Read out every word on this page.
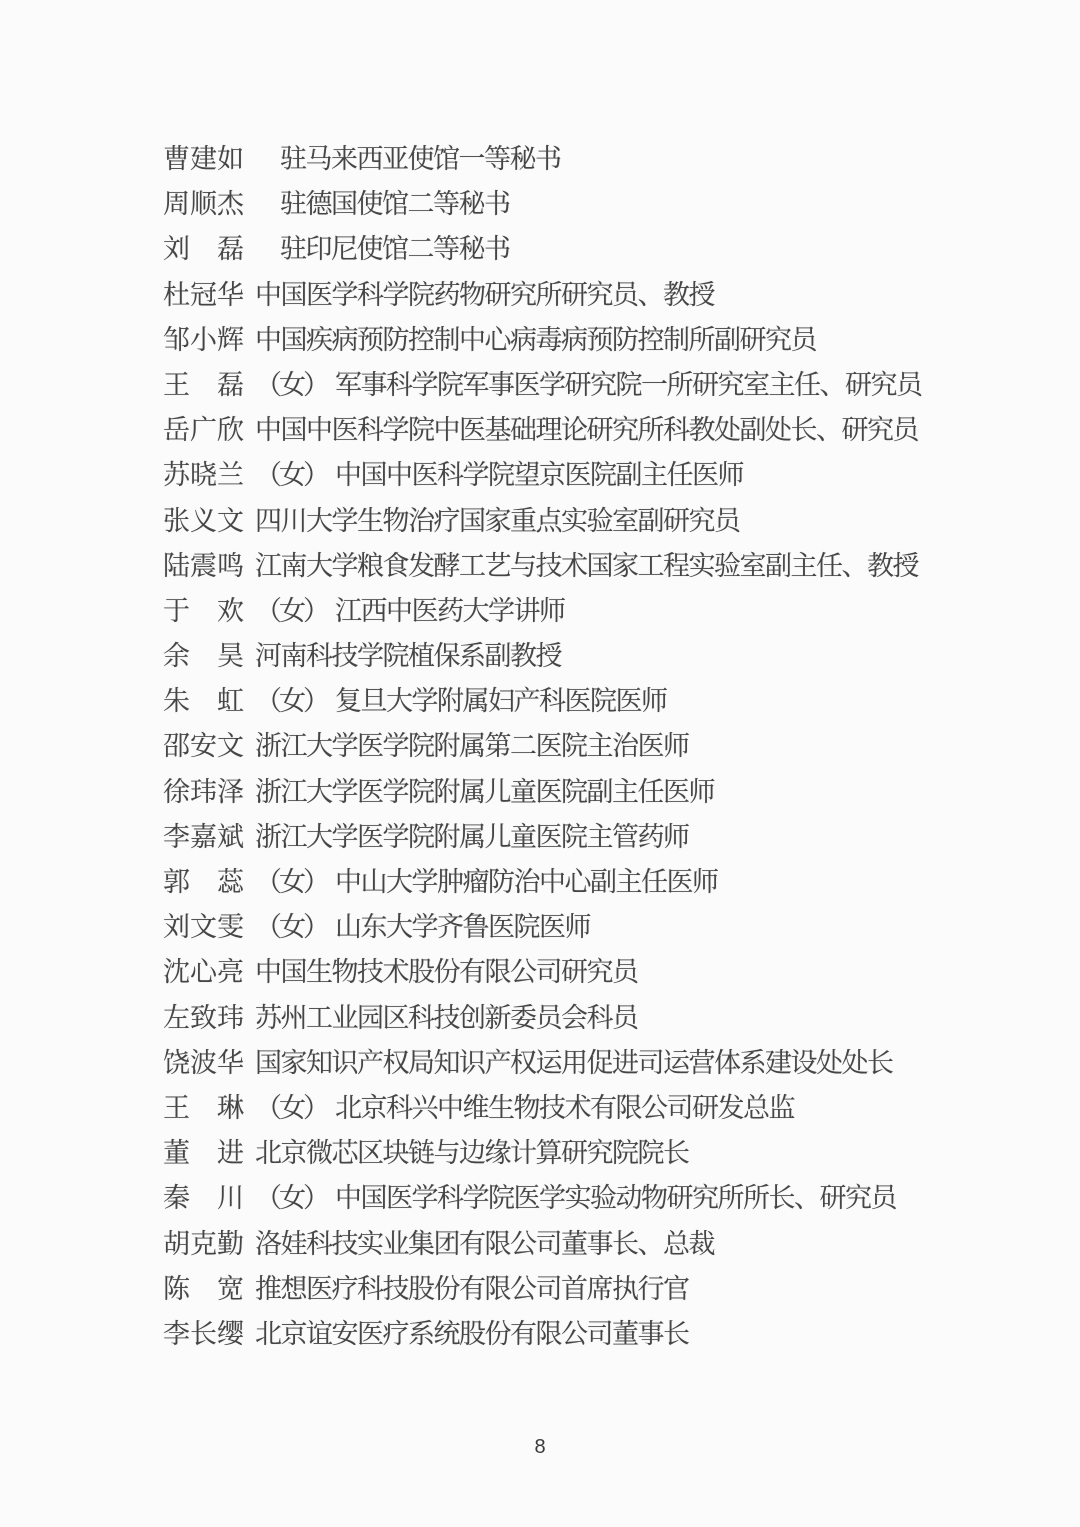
曹建如 驻马来西亚使馆一等秘书
周顺杰 驻德国使馆二等秘书
刘　磊 驻印尼使馆二等秘书
杜冠华 中国医学科学院药物研究所研究员、教授
邹小辉 中国疾病预防控制中心病毒病预防控制所副研究员
王　磊 （女） 军事科学院军事医学研究院一所研究室主任、研究员
岳广欣 中国中医科学院中医基础理论研究所科教处副处长、研究员
苏晓兰 （女） 中国中医科学院望京医院副主任医师
张义文 四川大学生物治疗国家重点实验室副研究员
陆震鸣 江南大学粮食发酵工艺与技术国家工程实验室副主任、教授
于　欢 （女） 江西中医药大学讲师
余　昊 河南科技学院植保系副教授
朱　虹 （女） 复旦大学附属妇产科医院医师
邵安文 浙江大学医学院附属第二医院主治医师
徐玮泽 浙江大学医学院附属儿童医院副主任医师
李嘉斌 浙江大学医学院附属儿童医院主管药师
郭　蕊 （女） 中山大学肿瘤防治中心副主任医师
刘文雯 （女） 山东大学齐鲁医院医师
沈心亮 中国生物技术股份有限公司研究员
左致玮 苏州工业园区科技创新委员会科员
饶波华 国家知识产权局知识产权运用促进司运营体系建设处处长
王　琳 （女） 北京科兴中维生物技术有限公司研发总监
董　进 北京微芯区块链与边缘计算研究院院长
秦　川 （女） 中国医学科学院医学实验动物研究所所长、研究员
胡克勤 洛娃科技实业集团有限公司董事长、总裁
陈　宽 推想医疗科技股份有限公司首席执行官
李长缨 北京谊安医疗系统股份有限公司董事长
8
